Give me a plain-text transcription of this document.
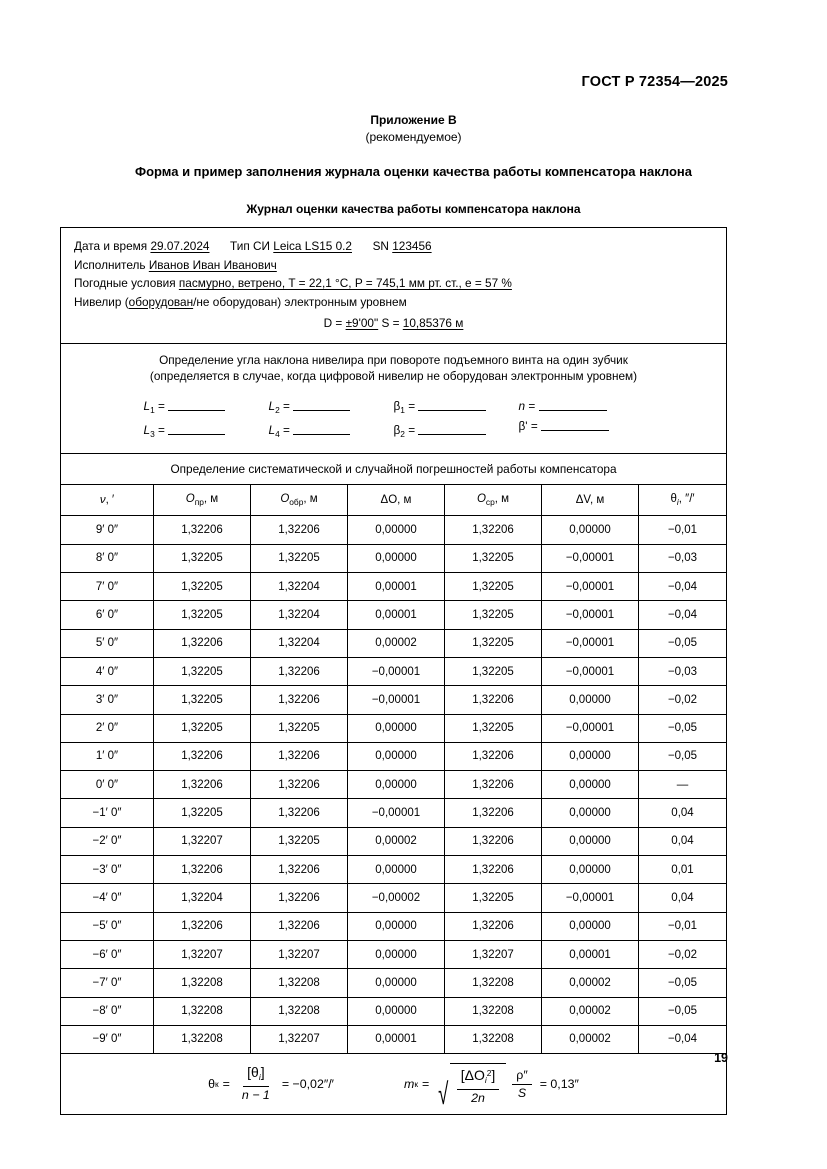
ГОСТ Р 72354—2025
Приложение В
(рекомендуемое)
Форма и пример заполнения журнала оценки качества работы компенсатора наклона
Журнал оценки качества работы компенсатора наклона
Дата и время 29.07.2024 Тип СИ Leica LS15 0.2 SN 123456
Исполнитель Иванов Иван Иванович
Погодные условия пасмурно, ветрено, T = 22,1 °C, P = 745,1 мм рт. ст., e = 57 %
Нивелир (оборудован/не оборудован) электронным уровнем
D = ±9'00" S = 10,85376 м
Определение угла наклона нивелира при повороте подъемного винта на один зубчик
(определяется в случае, когда цифровой нивелир не оборудован электронным уровнем)
$L_1$ =
$L_3$ =
$L_2$ =
$L_4$ =
$\beta_1$ =
$\beta_2$ =
n =
β' =
Определение систематической и случайной погрешностей работы компенсатора
ν, ′	$O_{пр}$, м	$O_{обр}$, м	ΔO, м	$O_{ср}$, м	ΔV, м	$\theta_i$, ″/′
9′ 0″	1,32206	1,32206	0,00000	1,32206	0,00000	−0,01
8′ 0″	1,32205	1,32205	0,00000	1,32205	−0,00001	−0,03
7′ 0″	1,32205	1,32204	0,00001	1,32205	−0,00001	−0,04
6′ 0″	1,32205	1,32204	0,00001	1,32205	−0,00001	−0,04
5′ 0″	1,32206	1,32204	0,00002	1,32205	−0,00001	−0,05
4′ 0″	1,32205	1,32206	−0,00001	1,32205	−0,00001	−0,03
3′ 0″	1,32205	1,32206	−0,00001	1,32206	0,00000	−0,02
2′ 0″	1,32205	1,32205	0,00000	1,32205	−0,00001	−0,05
1′ 0″	1,32206	1,32206	0,00000	1,32206	0,00000	−0,05
0′ 0″	1,32206	1,32206	0,00000	1,32206	0,00000	—
−1′ 0″	1,32205	1,32206	−0,00001	1,32206	0,00000	0,04
−2′ 0″	1,32207	1,32205	0,00002	1,32206	0,00000	0,04
−3′ 0″	1,32206	1,32206	0,00000	1,32206	0,00000	0,01
−4′ 0″	1,32204	1,32206	−0,00002	1,32205	−0,00001	0,04
−5′ 0″	1,32206	1,32206	0,00000	1,32206	0,00000	−0,01
−6′ 0″	1,32207	1,32207	0,00000	1,32207	0,00001	−0,02
−7′ 0″	1,32208	1,32208	0,00000	1,32208	0,00002	−0,05
−8′ 0″	1,32208	1,32208	0,00000	1,32208	0,00002	−0,05
−9′ 0″	1,32208	1,32207	0,00001	1,32208	0,00002	−0,04
θ $к = \frac{[\theta_i]}{n - 1} = -0,02''/'$	m к = √ $\frac{[\Delta O_i^2]}{2n} \frac{\rho''}{S} = 0,13''$
19
